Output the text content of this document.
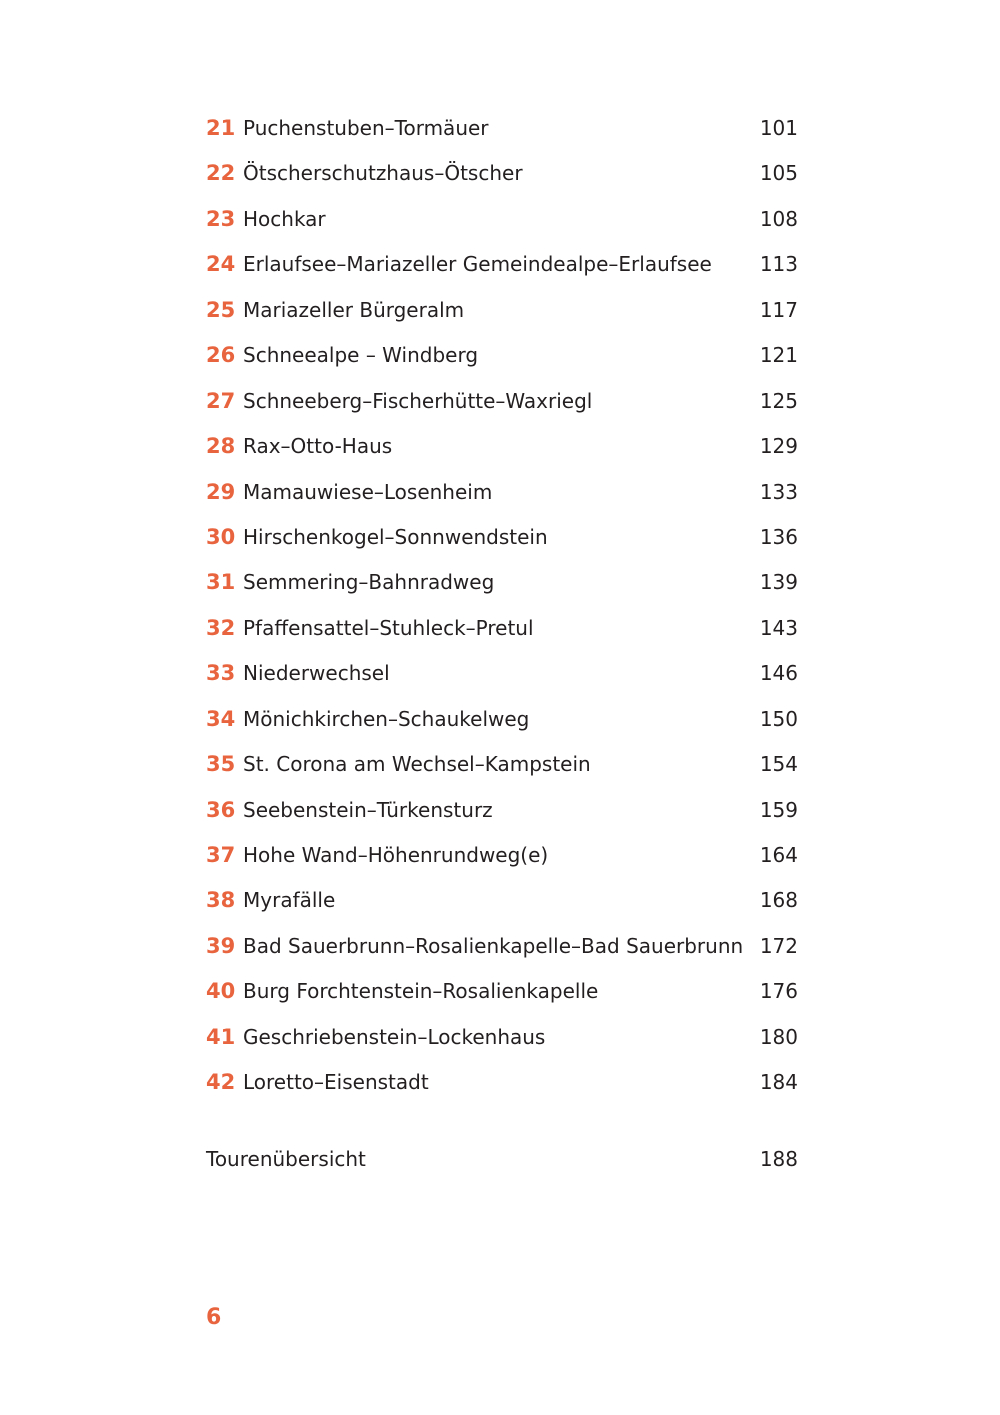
21 Puchenstuben–Tormäuer	101
22 Ötscherschutzhaus–Ötscher	105
23 Hochkar	108
24 Erlaufsee–Mariazeller Gemeindealpe–Erlaufsee 113
25 Mariazeller Bürgeralm	117
26 Schneealpe – Windberg	121
27 Schneeberg–Fischerhütte–Waxriegl	125
28 Rax–Otto-Haus	129
29 Mamauwiese–Losenheim	133
30 Hirschenkogel–Sonnwendstein	136
31 Semmering–Bahnradweg	139
32 Pfaffensattel–Stuhleck–Pretul	143
33 Niederwechsel	146
34 Mönichkirchen–Schaukelweg	150
35 St. Corona am Wechsel–Kampstein	154
36 Seebenstein–Türkensturz	159
37 Hohe Wand–Höhenrundweg(e)	164
38 Myrafälle	168
39 Bad Sauerbrunn–Rosalienkapelle–Bad Sauerbrunn 172
40 Burg Forchtenstein–Rosalienkapelle	176
41 Geschriebenstein–Lockenhaus	180
42 Loretto–Eisenstadt	184
Tourenübersicht	188
6
